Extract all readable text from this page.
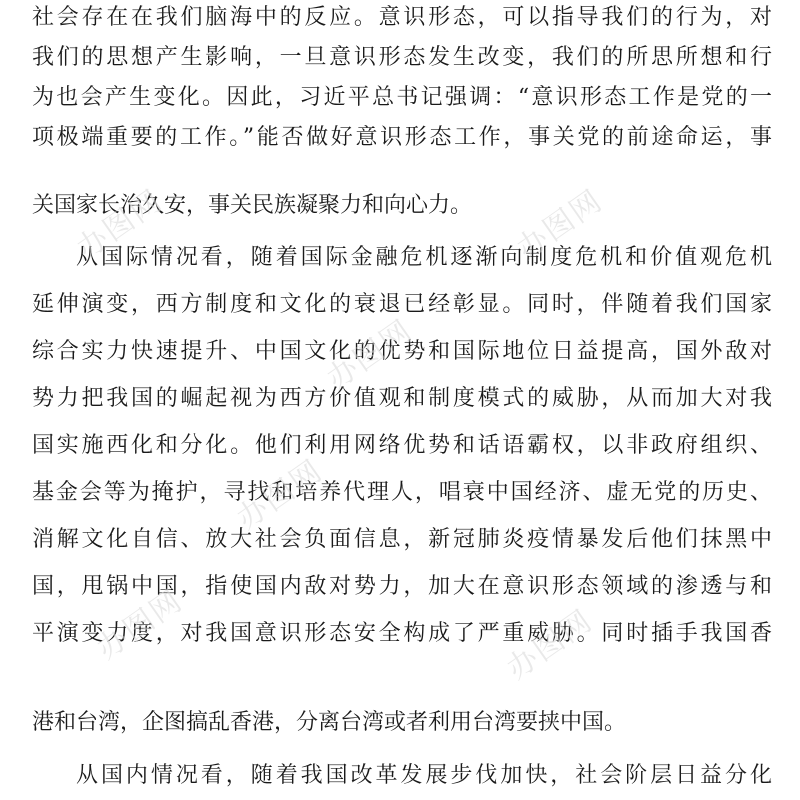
社会存在在我们脑海中的反应。意识形态，可以指导我们的行为，对
我们的思想产生影响，一旦意识形态发生改变，我们的所思所想和行
为也会产生变化。因此，习近平总书记强调：“意识形态工作是党的一
项极端重要的工作。”能否做好意识形态工作，事关党的前途命运，事
关国家长治久安，事关民族凝聚力和向心力。
从国际情况看，随着国际金融危机逐渐向制度危机和价值观危机
延伸演变，西方制度和文化的衰退已经彰显。同时，伴随着我们国家
综合实力快速提升、中国文化的优势和国际地位日益提高，国外敌对
势力把我国的崛起视为西方价值观和制度模式的威胁，从而加大对我
国实施西化和分化。他们利用网络优势和话语霸权，以非政府组织、
基金会等为掩护，寻找和培养代理人，唱衰中国经济、虚无党的历史、
消解文化自信、放大社会负面信息，新冠肺炎疫情暴发后他们抹黑中
国，甩锅中国，指使国内敌对势力，加大在意识形态领域的渗透与和
平演变力度，对我国意识形态安全构成了严重威胁。同时插手我国香
港和台湾，企图搞乱香港，分离台湾或者利用台湾要挟中国。
从国内情况看，随着我国改革发展步伐加快，社会阶层日益分化
办图网
办图网
办图网
办图网	办图网
办图网
